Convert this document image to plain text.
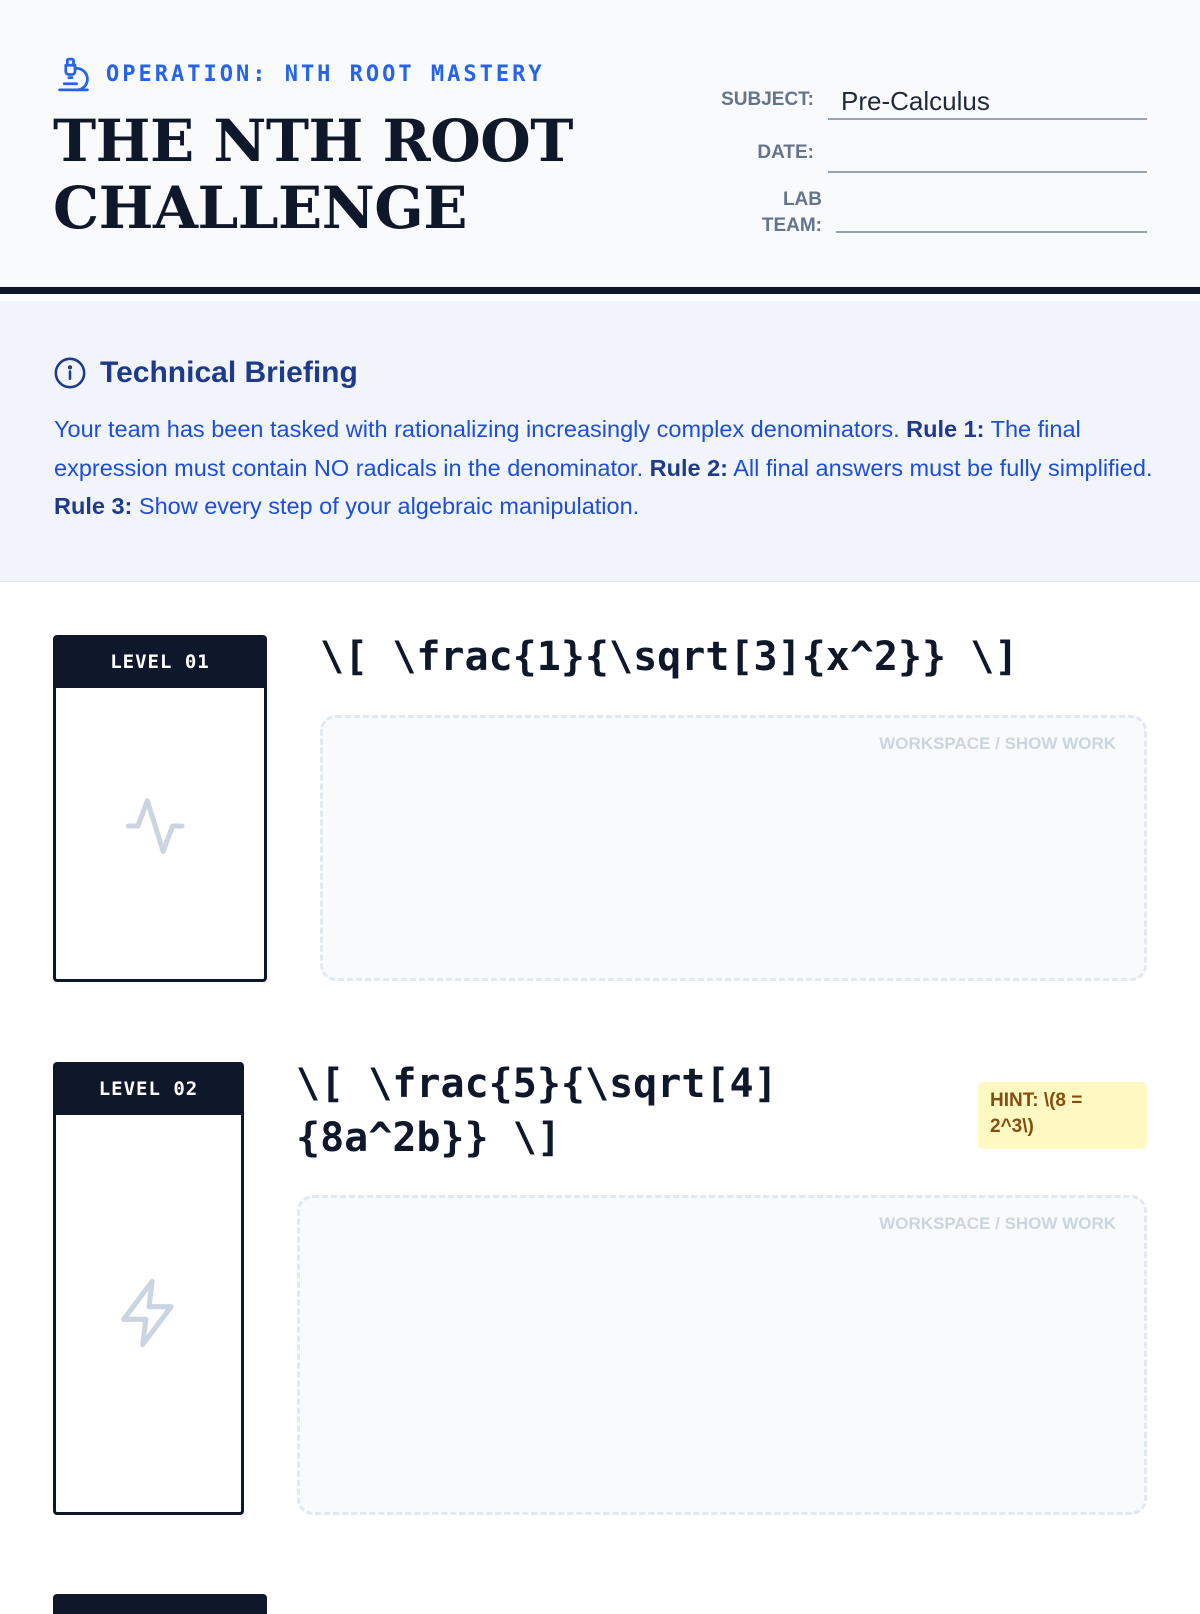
OPERATION: NTH ROOT MASTERY
THE NTH ROOT
CHALLENGE
SUBJECT:	Pre-Calculus
DATE:
LAB
TEAM:
Technical Briefing

Your team has been tasked with rationalizing increasingly complex denominators. Rule 1: The final expression must contain NO radicals in the denominator. Rule 2: All final answers must be fully simplified. Rule 3: Show every step of your algebraic manipulation.

LEVEL 01	\[ \frac{1}{\sqrt[3]{x^2}} \]
WORKSPACE / SHOW WORK
LEVEL 02	\[ \frac{5}{\sqrt[4]
{8a^2b}} \]
HINT: \(8 =
2^3\)
WORKSPACE / SHOW WORK
